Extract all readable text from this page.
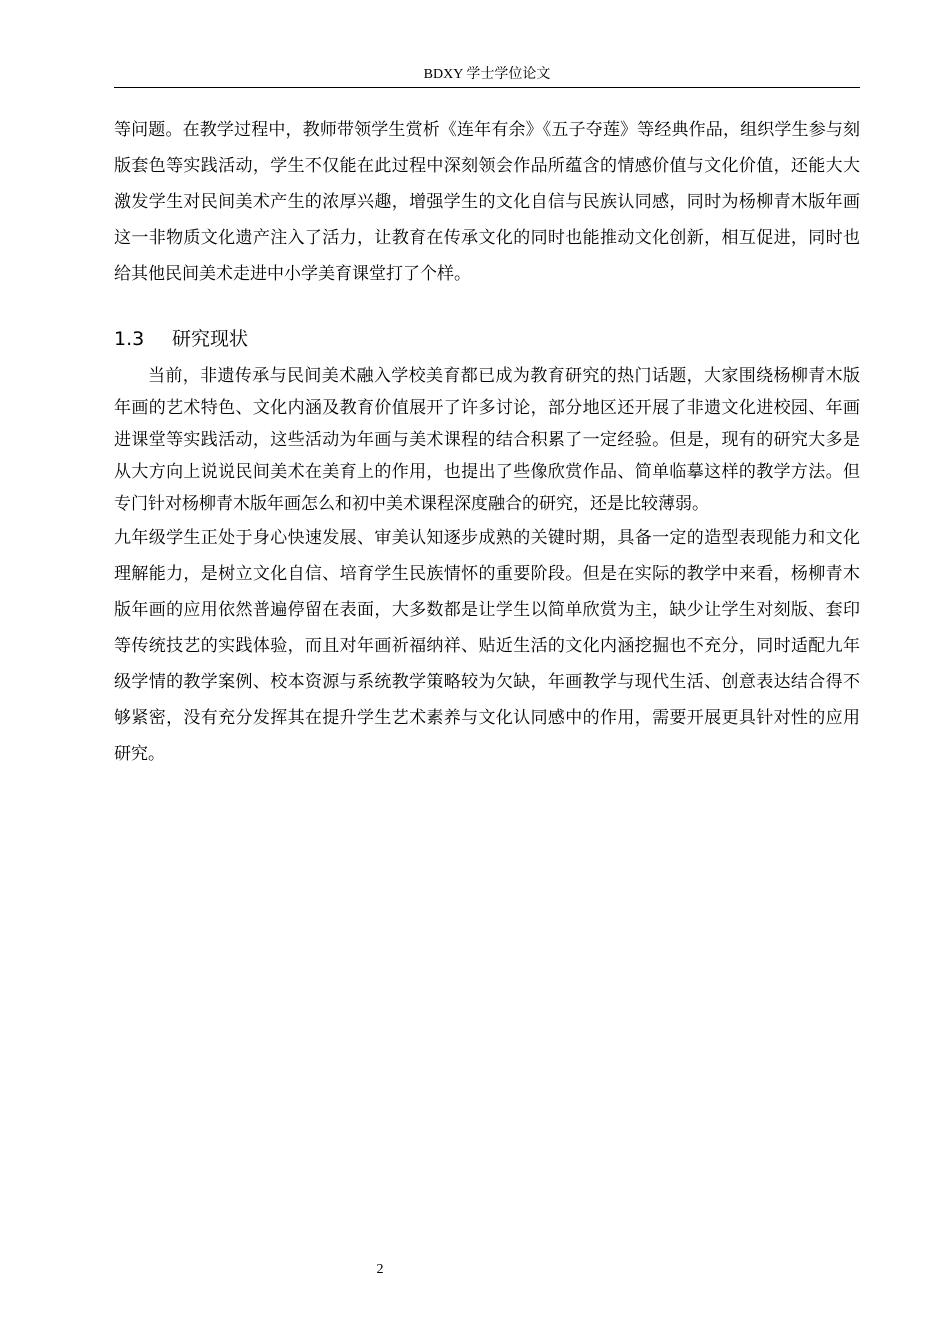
BDXY 学士学位论文

等问题。在教学过程中，教师带领学生赏析《连年有余》《五子夺莲》等经典作品，组织学生参与刻版套色等实践活动，学生不仅能在此过程中深刻领会作品所蕴含的情感价值与文化价值，还能大大激发学生对民间美术产生的浓厚兴趣，增强学生的文化自信与民族认同感，同时为杨柳青木版年画这一非物质文化遗产注入了活力，让教育在传承文化的同时也能推动文化创新，相互促进，同时也给其他民间美术走进中小学美育课堂打了个样。

1.3 研究现状

当前，非遗传承与民间美术融入学校美育都已成为教育研究的热门话题，大家围绕杨柳青木版年画的艺术特色、文化内涵及教育价值展开了许多讨论，部分地区还开展了非遗文化进校园、年画进课堂等实践活动，这些活动为年画与美术课程的结合积累了一定经验。但是，现有的研究大多是从大方向上说说民间美术在美育上的作用，也提出了些像欣赏作品、简单临摹这样的教学方法。但专门针对杨柳青木版年画怎么和初中美术课程深度融合的研究，还是比较薄弱。

九年级学生正处于身心快速发展、审美认知逐步成熟的关键时期，具备一定的造型表现能力和文化理解能力，是树立文化自信、培育学生民族情怀的重要阶段。但是在实际的教学中来看，杨柳青木版年画的应用依然普遍停留在表面，大多数都是让学生以简单欣赏为主，缺少让学生对刻版、套印等传统技艺的实践体验，而且对年画祈福纳祥、贴近生活的文化内涵挖掘也不充分，同时适配九年级学情的教学案例、校本资源与系统教学策略较为欠缺，年画教学与现代生活、创意表达结合得不够紧密，没有充分发挥其在提升学生艺术素养与文化认同感中的作用，需要开展更具针对性的应用研究。

2
